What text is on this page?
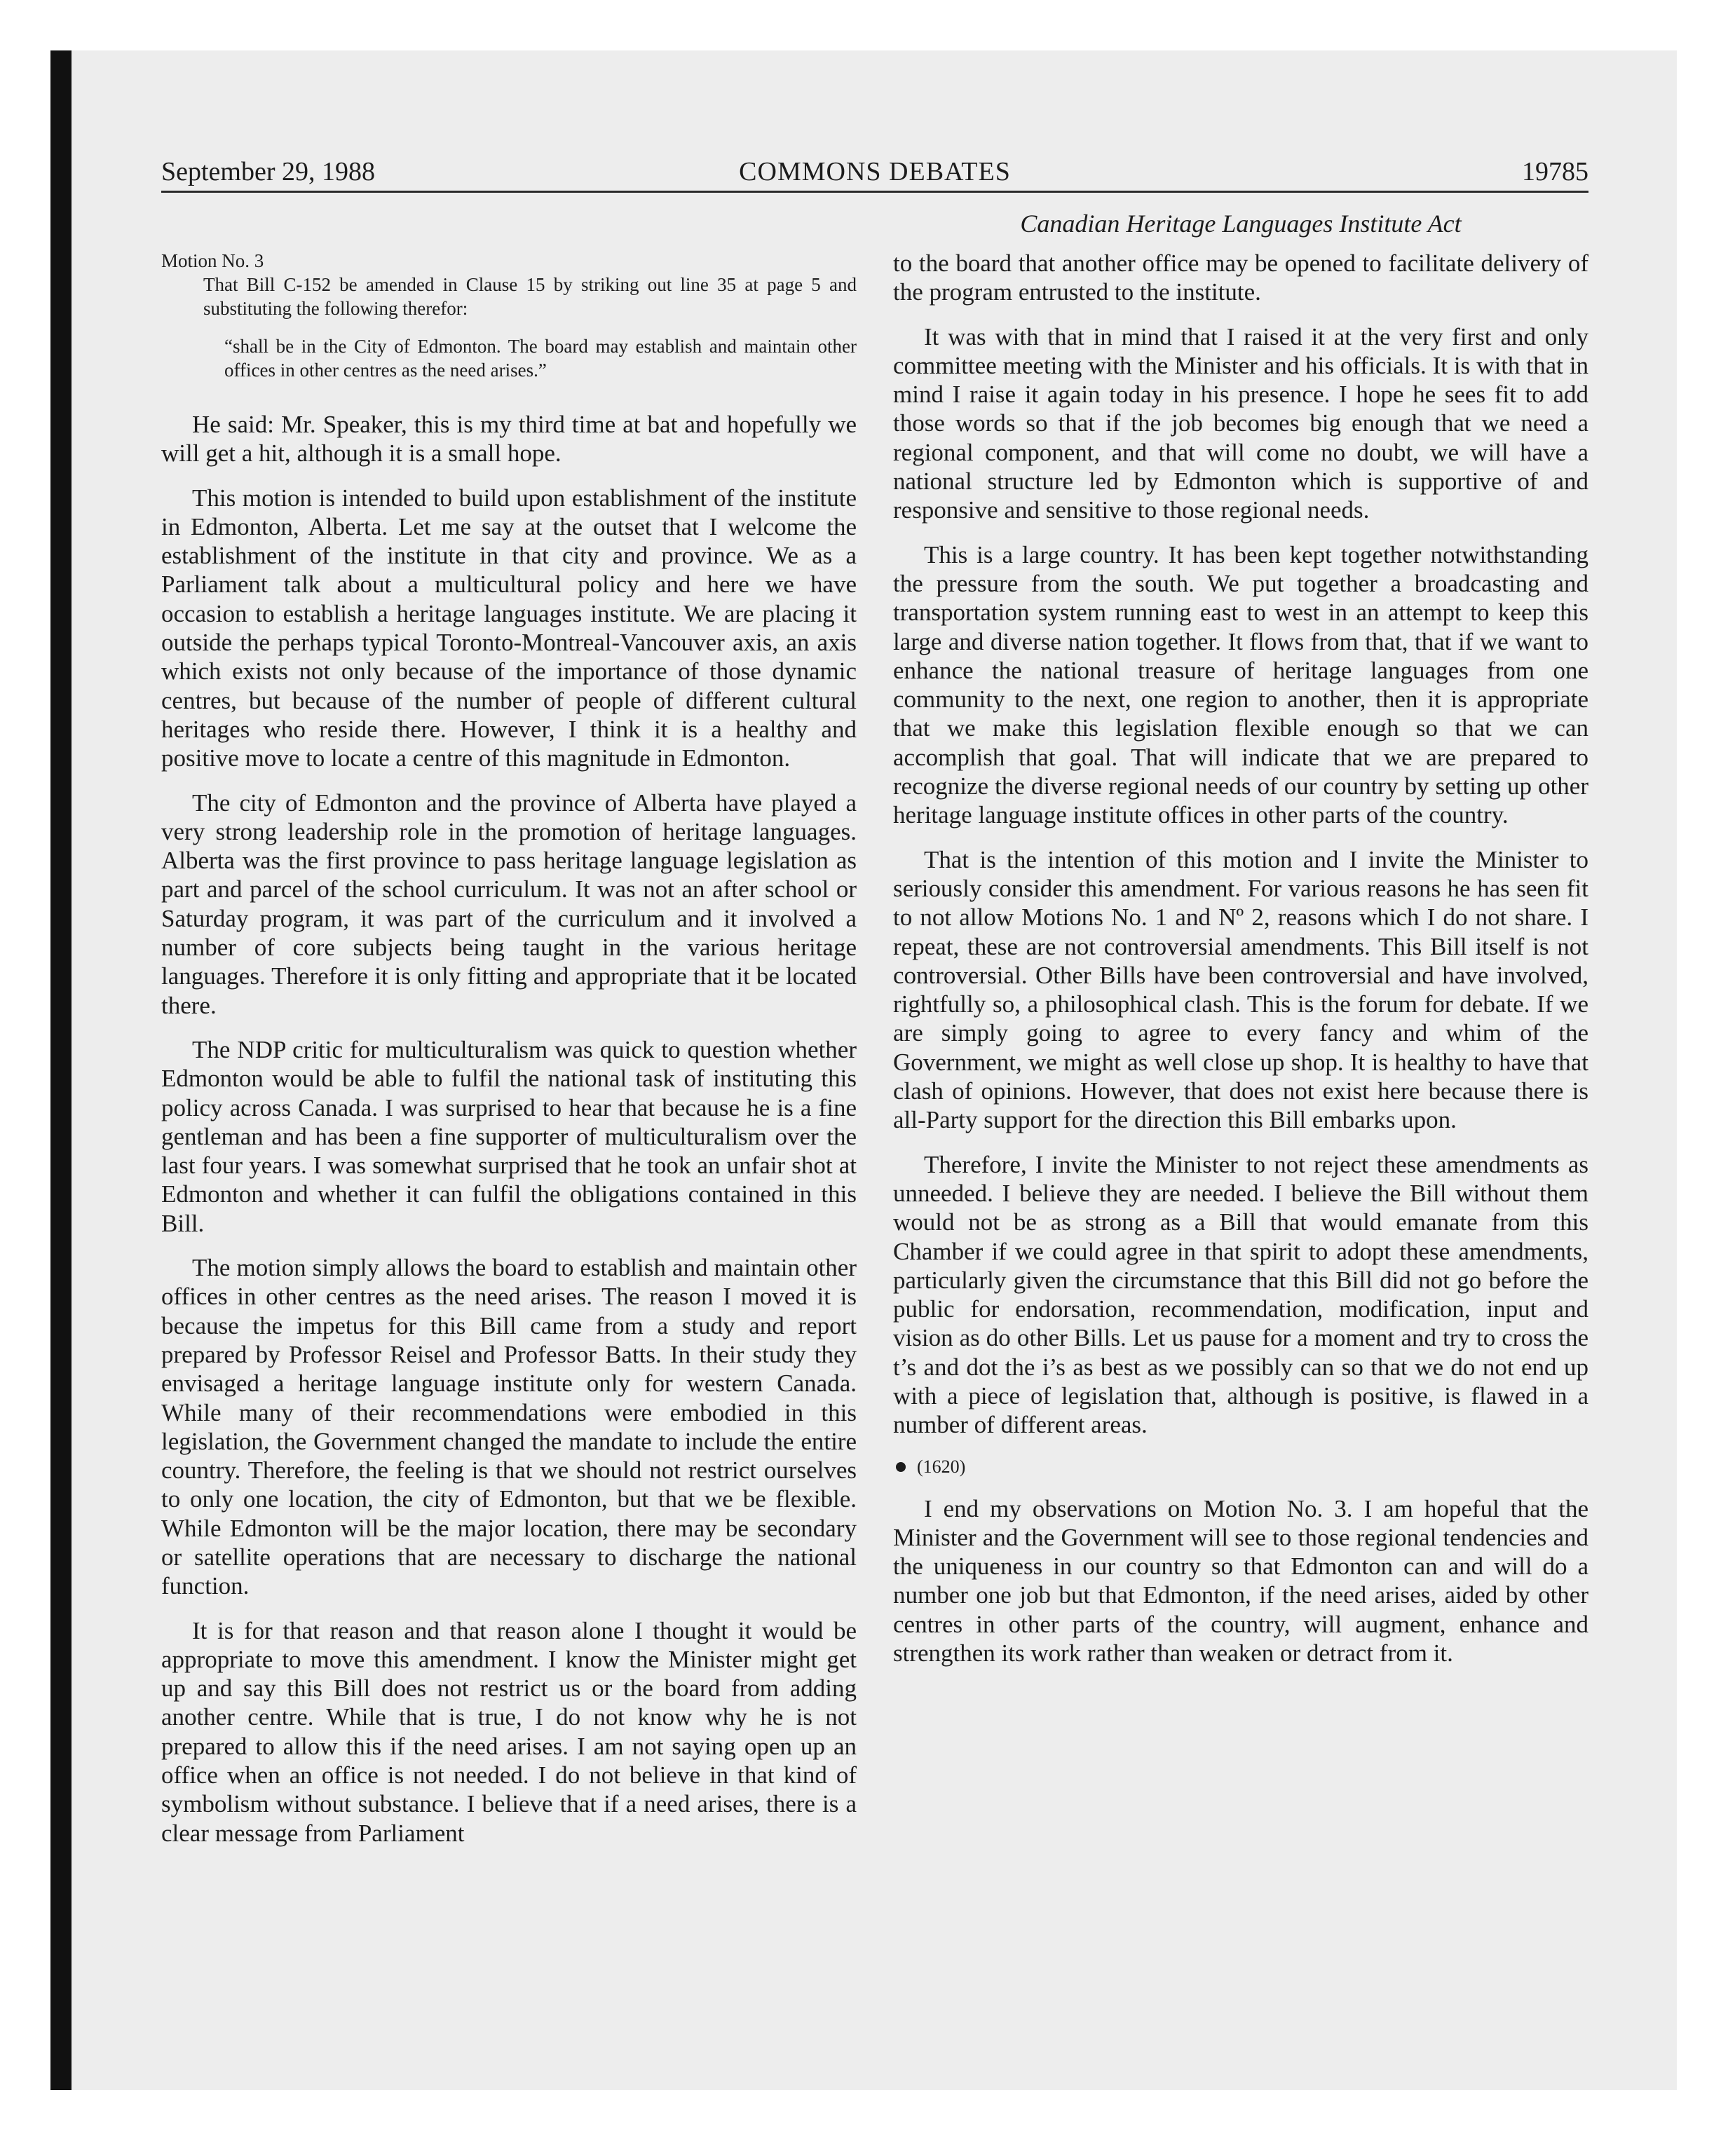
September 29, 1988	COMMONS DEBATES	19785
Canadian Heritage Languages Institute Act

Motion No. 3

That Bill C-152 be amended in Clause 15 by striking out line 35 at page 5 and substituting the following therefor:

“shall be in the City of Edmonton. The board may establish and maintain other offices in other centres as the need arises.”

He said: Mr. Speaker, this is my third time at bat and hopefully we will get a hit, although it is a small hope.

This motion is intended to build upon establishment of the institute in Edmonton, Alberta. Let me say at the outset that I welcome the establishment of the institute in that city and province. We as a Parliament talk about a multicultural policy and here we have occasion to establish a heritage languages institute. We are placing it outside the perhaps typical Toronto-Montreal-Vancouver axis, an axis which exists not only because of the importance of those dynamic centres, but because of the number of people of different cultural heritages who reside there. However, I think it is a healthy and positive move to locate a centre of this magnitude in Edmonton.

The city of Edmonton and the province of Alberta have played a very strong leadership role in the promotion of heritage languages. Alberta was the first province to pass heritage language legislation as part and parcel of the school curriculum. It was not an after school or Saturday program, it was part of the curriculum and it involved a number of core subjects being taught in the various heritage languages. Therefore it is only fitting and appropriate that it be located there.

The NDP critic for multiculturalism was quick to question whether Edmonton would be able to fulfil the national task of instituting this policy across Canada. I was surprised to hear that because he is a fine gentleman and has been a fine supporter of multiculturalism over the last four years. I was somewhat surprised that he took an unfair shot at Edmonton and whether it can fulfil the obligations contained in this Bill.

The motion simply allows the board to establish and maintain other offices in other centres as the need arises. The reason I moved it is because the impetus for this Bill came from a study and report prepared by Professor Reisel and Professor Batts. In their study they envisaged a heritage language institute only for western Canada. While many of their recommendations were embodied in this legislation, the Government changed the mandate to include the entire country. Therefore, the feeling is that we should not restrict ourselves to only one location, the city of Edmonton, but that we be flexible. While Edmonton will be the major location, there may be secondary or satellite operations that are necessary to discharge the national function.

It is for that reason and that reason alone I thought it would be appropriate to move this amendment. I know the Minister might get up and say this Bill does not restrict us or the board from adding another centre. While that is true, I do not know why he is not prepared to allow this if the need arises. I am not saying open up an office when an office is not needed. I do not believe in that kind of symbolism without substance. I believe that if a need arises, there is a clear message from Parliament

to the board that another office may be opened to facilitate delivery of the program entrusted to the institute.

It was with that in mind that I raised it at the very first and only committee meeting with the Minister and his officials. It is with that in mind I raise it again today in his presence. I hope he sees fit to add those words so that if the job becomes big enough that we need a regional component, and that will come no doubt, we will have a national structure led by Edmonton which is supportive of and responsive and sensitive to those regional needs.

This is a large country. It has been kept together notwithstanding the pressure from the south. We put together a broadcasting and transportation system running east to west in an attempt to keep this large and diverse nation together. It flows from that, that if we want to enhance the national treasure of heritage languages from one community to the next, one region to another, then it is appropriate that we make this legislation flexible enough so that we can accomplish that goal. That will indicate that we are prepared to recognize the diverse regional needs of our country by setting up other heritage language institute offices in other parts of the country.

That is the intention of this motion and I invite the Minister to seriously consider this amendment. For various reasons he has seen fit to not allow Motions No. 1 and Nº 2, reasons which I do not share. I repeat, these are not controversial amendments. This Bill itself is not controversial. Other Bills have been controversial and have involved, rightfully so, a philosophical clash. This is the forum for debate. If we are simply going to agree to every fancy and whim of the Government, we might as well close up shop. It is healthy to have that clash of opinions. However, that does not exist here because there is all-Party support for the direction this Bill embarks upon.

Therefore, I invite the Minister to not reject these amendments as unneeded. I believe they are needed. I believe the Bill without them would not be as strong as a Bill that would emanate from this Chamber if we could agree in that spirit to adopt these amendments, particularly given the circumstance that this Bill did not go before the public for endorsation, recommendation, modification, input and vision as do other Bills. Let us pause for a moment and try to cross the t’s and dot the i’s as best as we possibly can so that we do not end up with a piece of legislation that, although is positive, is flawed in a number of different areas.

(1620)

I end my observations on Motion No. 3. I am hopeful that the Minister and the Government will see to those regional tendencies and the uniqueness in our country so that Edmonton can and will do a number one job but that Edmonton, if the need arises, aided by other centres in other parts of the country, will augment, enhance and strengthen its work rather than weaken or detract from it.
